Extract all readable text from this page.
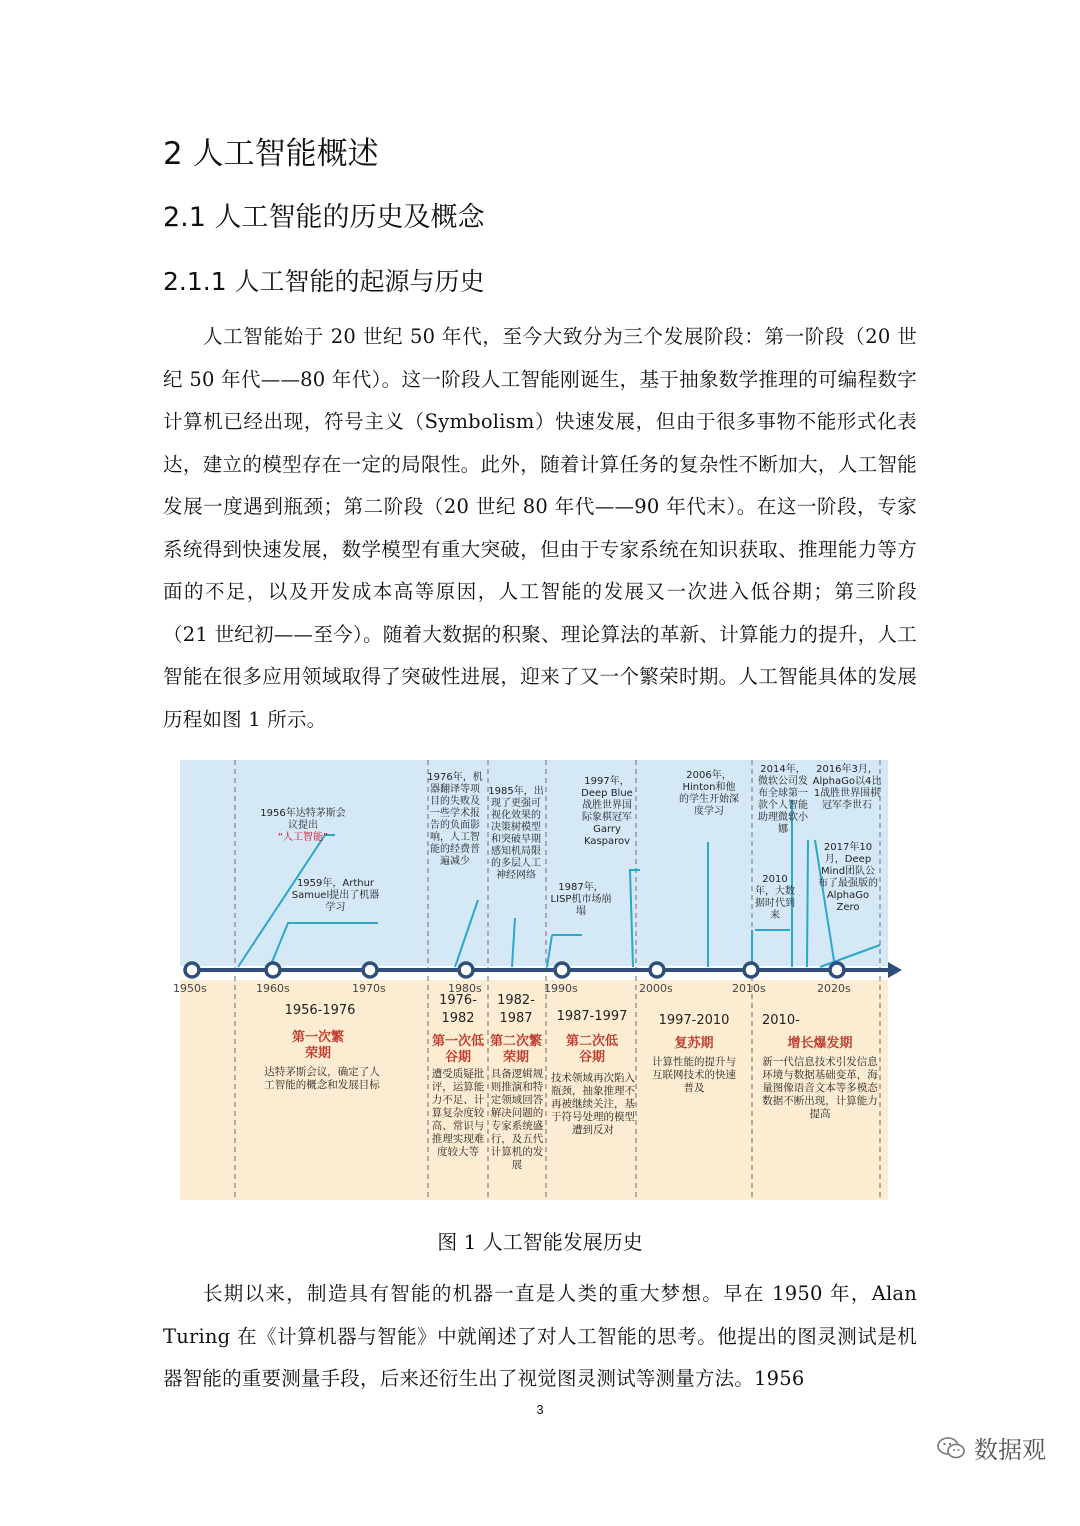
2 人工智能概述
2.1 人工智能的历史及概念
2.1.1 人工智能的起源与历史

人工智能始于 20 世纪 50 年代，至今大致分为三个发展阶段：第一阶段（20 世纪 50 年代——80 年代）。这一阶段人工智能刚诞生，基于抽象数学推理的可编程数字计算机已经出现，符号主义（Symbolism）快速发展，但由于很多事物不能形式化表达，建立的模型存在一定的局限性。此外，随着计算任务的复杂性不断加大，人工智能发展一度遇到瓶颈；第二阶段（20 世纪 80 年代——90 年代末）。在这一阶段，专家系统得到快速发展，数学模型有重大突破，但由于专家系统在知识获取、推理能力等方面的不足，以及开发成本高等原因，人工智能的发展又一次进入低谷期；第三阶段（21 世纪初——至今）。随着大数据的积聚、理论算法的革新、计算能力的提升，人工智能在很多应用领域取得了突破性进展，迎来了又一个繁荣时期。人工智能具体的发展历程如图 1 所示。

1950s	1960s	1970s	1980s	1990s	2000s	2010s	2020s
1956年达特茅斯会议提出
“人工智能”
1959年，Arthur Samuel提出了机器学习
1976年，机器翻译等项目的失败及一些学术报告的负面影响，人工智能的经费普遍减少
1985年，出现了更强可视化效果的决策树模型和突破早期感知机局限的多层人工神经网络
1987年，LISP机市场崩塌
1997年，Deep Blue战胜世界国际象棋冠军Garry Kasparov
2006年，Hinton和他的学生开始深度学习
2014年，微软公司发布全球第一款个人智能助理微软小娜
2010年，大数据时代到来
2016年3月，AlphaGo以4比1战胜世界围棋冠军李世石
2017年10月，Deep Mind团队公布了最强版的AlphaGo Zero
1956-1976
第一次繁荣期
达特茅斯会议，确定了人工智能的概念和发展目标
1976-1982
第一次低谷期
遭受质疑批评，运算能力不足、计算复杂度较高、常识与推理实现难度较大等
1982-1987
第二次繁荣期
具备逻辑规则推演和特定领域回答解决问题的专家系统盛行，及五代计算机的发展
1987-1997
第二次低谷期
技术领域再次陷入瓶颈，抽象推理不再被继续关注，基于符号处理的模型遭到反对
1997-2010
复苏期
计算性能的提升与互联网技术的快速普及
2010-
增长爆发期
新一代信息技术引发信息环境与数据基础变革，海量图像语音文本等多模态数据不断出现，计算能力提高
图 1 人工智能发展历史

长期以来，制造具有智能的机器一直是人类的重大梦想。早在 1950 年，Alan Turing 在《计算机器与智能》中就阐述了对人工智能的思考。他提出的图灵测试是机器智能的重要测量手段，后来还衍生出了视觉图灵测试等测量方法。1956

3
数据观
